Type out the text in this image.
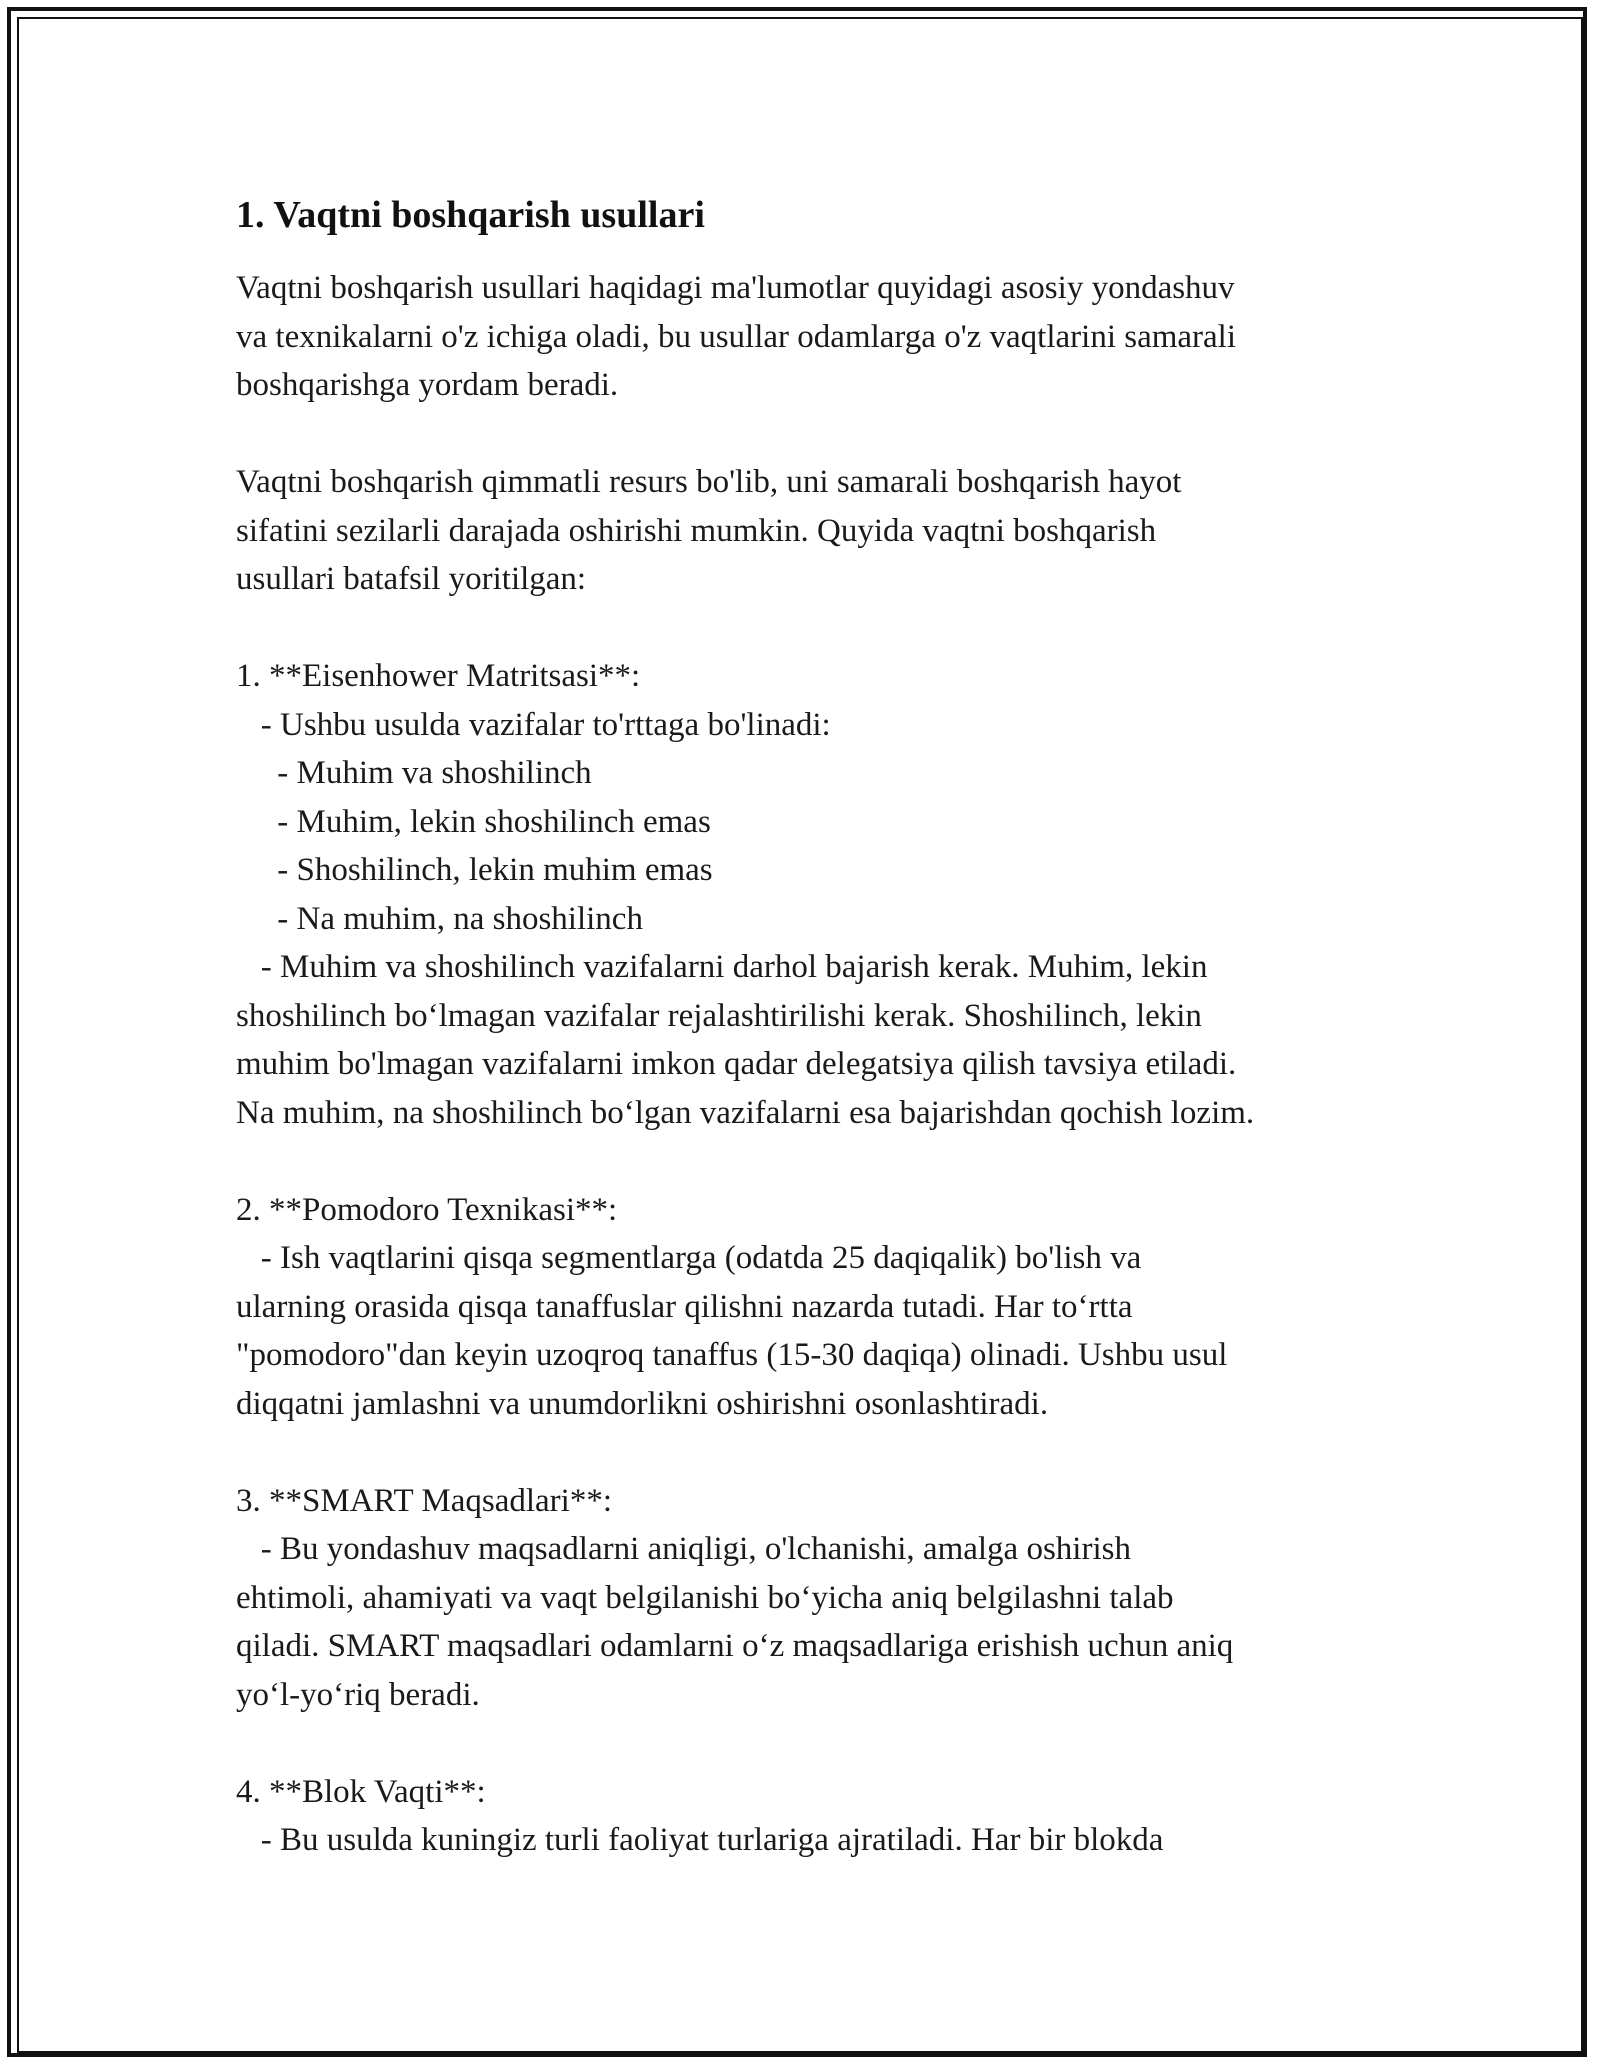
1. Vaqtni boshqarish usullari

Vaqtni boshqarish usullari haqidagi ma'lumotlar quyidagi asosiy yondashuv

va texnikalarni o'z ichiga oladi, bu usullar odamlarga o'z vaqtlarini samarali

boshqarishga yordam beradi.

Vaqtni boshqarish qimmatli resurs bo'lib, uni samarali boshqarish hayot

sifatini sezilarli darajada oshirishi mumkin. Quyida vaqtni boshqarish

usullari batafsil yoritilgan:

1. **Eisenhower Matritsasi**:

- Ushbu usulda vazifalar to'rttaga bo'linadi:

- Muhim va shoshilinch

- Muhim, lekin shoshilinch emas

- Shoshilinch, lekin muhim emas

- Na muhim, na shoshilinch

- Muhim va shoshilinch vazifalarni darhol bajarish kerak. Muhim, lekin

shoshilinch bo‘lmagan vazifalar rejalashtirilishi kerak. Shoshilinch, lekin

muhim bo'lmagan vazifalarni imkon qadar delegatsiya qilish tavsiya etiladi.

Na muhim, na shoshilinch bo‘lgan vazifalarni esa bajarishdan qochish lozim.

2. **Pomodoro Texnikasi**:

- Ish vaqtlarini qisqa segmentlarga (odatda 25 daqiqalik) bo'lish va

ularning orasida qisqa tanaffuslar qilishni nazarda tutadi. Har to‘rtta

"pomodoro"dan keyin uzoqroq tanaffus (15-30 daqiqa) olinadi. Ushbu usul

diqqatni jamlashni va unumdorlikni oshirishni osonlashtiradi.

3. **SMART Maqsadlari**:

- Bu yondashuv maqsadlarni aniqligi, o'lchanishi, amalga oshirish

ehtimoli, ahamiyati va vaqt belgilanishi bo‘yicha aniq belgilashni talab

qiladi. SMART maqsadlari odamlarni o‘z maqsadlariga erishish uchun aniq

yo‘l-yo‘riq beradi.

4. **Blok Vaqti**:

- Bu usulda kuningiz turli faoliyat turlariga ajratiladi. Har bir blokda
